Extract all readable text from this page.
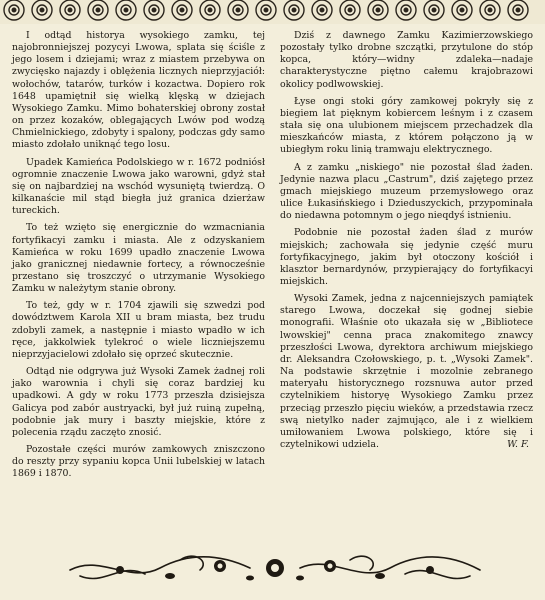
I odtąd historya wysokiego zamku, tej najobronniejszej pozycyi Lwowa, splata się ściśle z jego losem i dziejami; wraz z miastem przebywa on zwycięsko najazdy i oblężenia licznych nieprzyjaciół: wołochów, tatarów, turków i kozactwa. Dopiero rok 1648 upamiętnił się wielką klęską w dziejach Wysokiego Zamku. Mimo bohaterskiej obrony został on przez kozaków, oblegających Lwów pod wodzą Chmielnickiego, zdobyty i spalony, podczas gdy samo miasto zdołało uniknąć tego losu.

Upadek Kamieńca Podolskiego w r. 1672 podniósł ogromnie znaczenie Lwowa jako warowni, gdyż stał się on najbardziej na wschód wysuniętą twierdzą. O kilkanaście mil stąd biegła już granica dzierżaw tureckich.

To też wzięto się energicznie do wzmacniania fortyfikacyi zamku i miasta. Ale z odzyskaniem Kamieńca w roku 1699 upadło znaczenie Lwowa jako granicznej niedawnie fortecy, a równocześnie przestano się troszczyć o utrzymanie Wysokiego Zamku w należytym stanie obrony.

To też, gdy w r. 1704 zjawili się szwedzi pod dowództwem Karola XII u bram miasta, bez trudu zdobyli zamek, a następnie i miasto wpadło w ich ręce, jakkolwiek tylekroć o wiele liczniejszemu nieprzyjacielowi zdołało się oprzeć skutecznie.

Odtąd nie odgrywa już Wysoki Zamek żadnej roli jako warownia i chyli się coraz bardziej ku upadkowi. A gdy w roku 1773 przeszła dzisiejsza Galicya pod zabór austryacki, był już ruiną zupełną, podobnie jak mury i baszty miejskie, które z polecenia rządu zaczęto znosić.

Pozostałe części murów zamkowych zniszczono do reszty przy sypaniu kopca Unii lubelskiej w latach 1869 i 1870.

Dziś z dawnego Zamku Kazimierzowskiego pozostały tylko drobne szczątki, przytulone do stóp kopca, który—widny zdaleka—nadaje charakterystyczne piętno całemu krajobrazowi okolicy podlwowskiej.

Łyse ongi stoki góry zamkowej pokryły się z biegiem lat pięknym kobiercem leśnym i z czasem stała się ona ulubionem miejscem przechadzek dla mieszkańców miasta, z którem połączono ją w ubiegłym roku linią tramwaju elektrycznego.

A z zamku „niskiego" nie pozostał ślad żaden. Jedynie nazwa placu „Castrum", dziś zajętego przez gmach miejskiego muzeum przemysłowego oraz ulice Łukasińskiego i Dzieduszyckich, przypominała do niedawna potomnym o jego nieqdyś istnieniu.

Podobnie nie pozostał żaden ślad z murów miejskich; zachowała się jedynie część muru fortyfikacyjnego, jakim był otoczony kościół i klasztor bernardynów, przypierający do fortyfikacyi miejskich.

Wysoki Zamek, jedna z najcenniejszych pamiątek starego Lwowa, doczekał się godnej siebie monografii. Właśnie oto ukazała się w „Bibliotece lwowskiej" cenna praca znakomitego znawcy przeszłości Lwowa, dyrektora archiwum miejskiego dr. Aleksandra Czołowskiego, p. t. „Wysoki Zamek". Na podstawie skrzętnie i mozolnie zebranego materyału historycznego rozsnuwa autor przed czytelnikiem historyę Wysokiego Zamku przez przeciąg przeszło pięciu wieków, a przedstawia rzecz swą nietylko nader zajmująco, ale i z wielkiem umiłowaniem Lwowa polskiego, które się i czytelnikowi udziela.	W. F.
